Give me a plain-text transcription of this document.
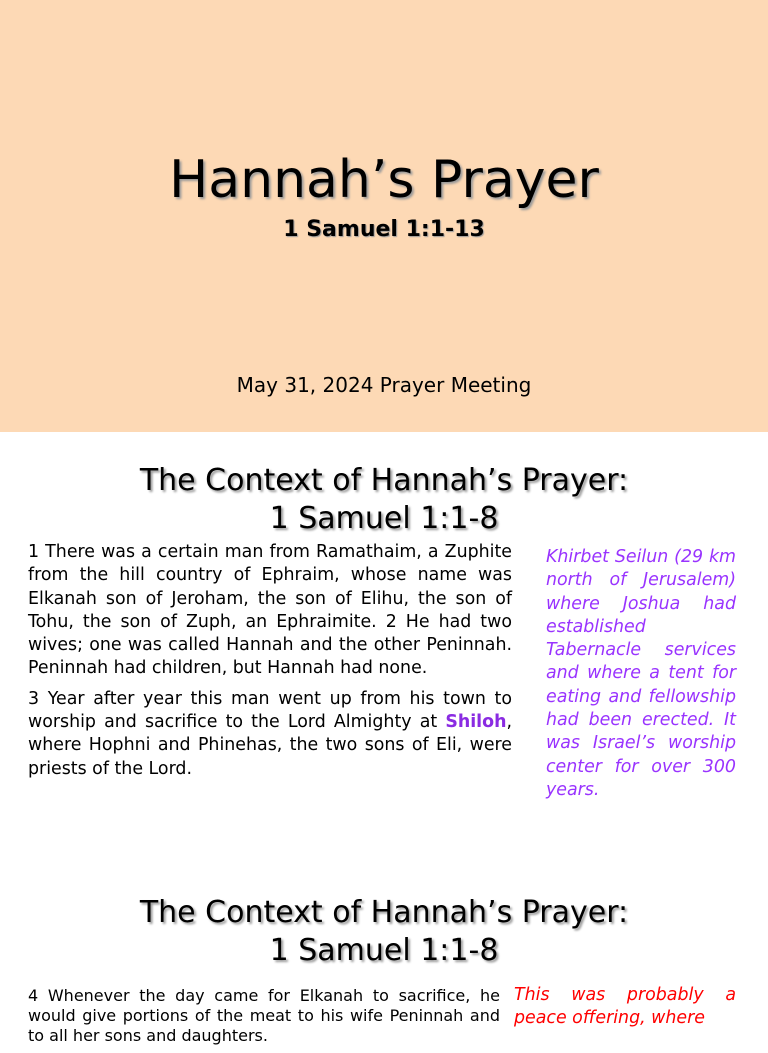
Hannah’s Prayer
1 Samuel 1:1-13
May 31, 2024 Prayer Meeting
The Context of Hannah’s Prayer:
1 Samuel 1:1-8

1 There was a certain man from Ramathaim, a Zuphite from the hill country of Ephraim, whose name was Elkanah son of Jeroham, the son of Elihu, the son of Tohu, the son of Zuph, an Ephraimite. 2 He had two wives; one was called Hannah and the other Peninnah. Peninnah had children, but Hannah had none.

3 Year after year this man went up from his town to worship and sacrifice to the Lord Almighty at Shiloh, where Hophni and Phinehas, the two sons of Eli, were priests of the Lord.

Khirbet Seilun (29 km north of Jerusalem) where Joshua had established Tabernacle services and where a tent for eating and fellowship had been erected. It was Israel’s worship center for over 300 years.
The Context of Hannah’s Prayer:
1 Samuel 1:1-8

4 Whenever the day came for Elkanah to sacrifice, he would give portions of the meat to his wife Peninnah and to all her sons and daughters.

This was probably a peace offering, where
